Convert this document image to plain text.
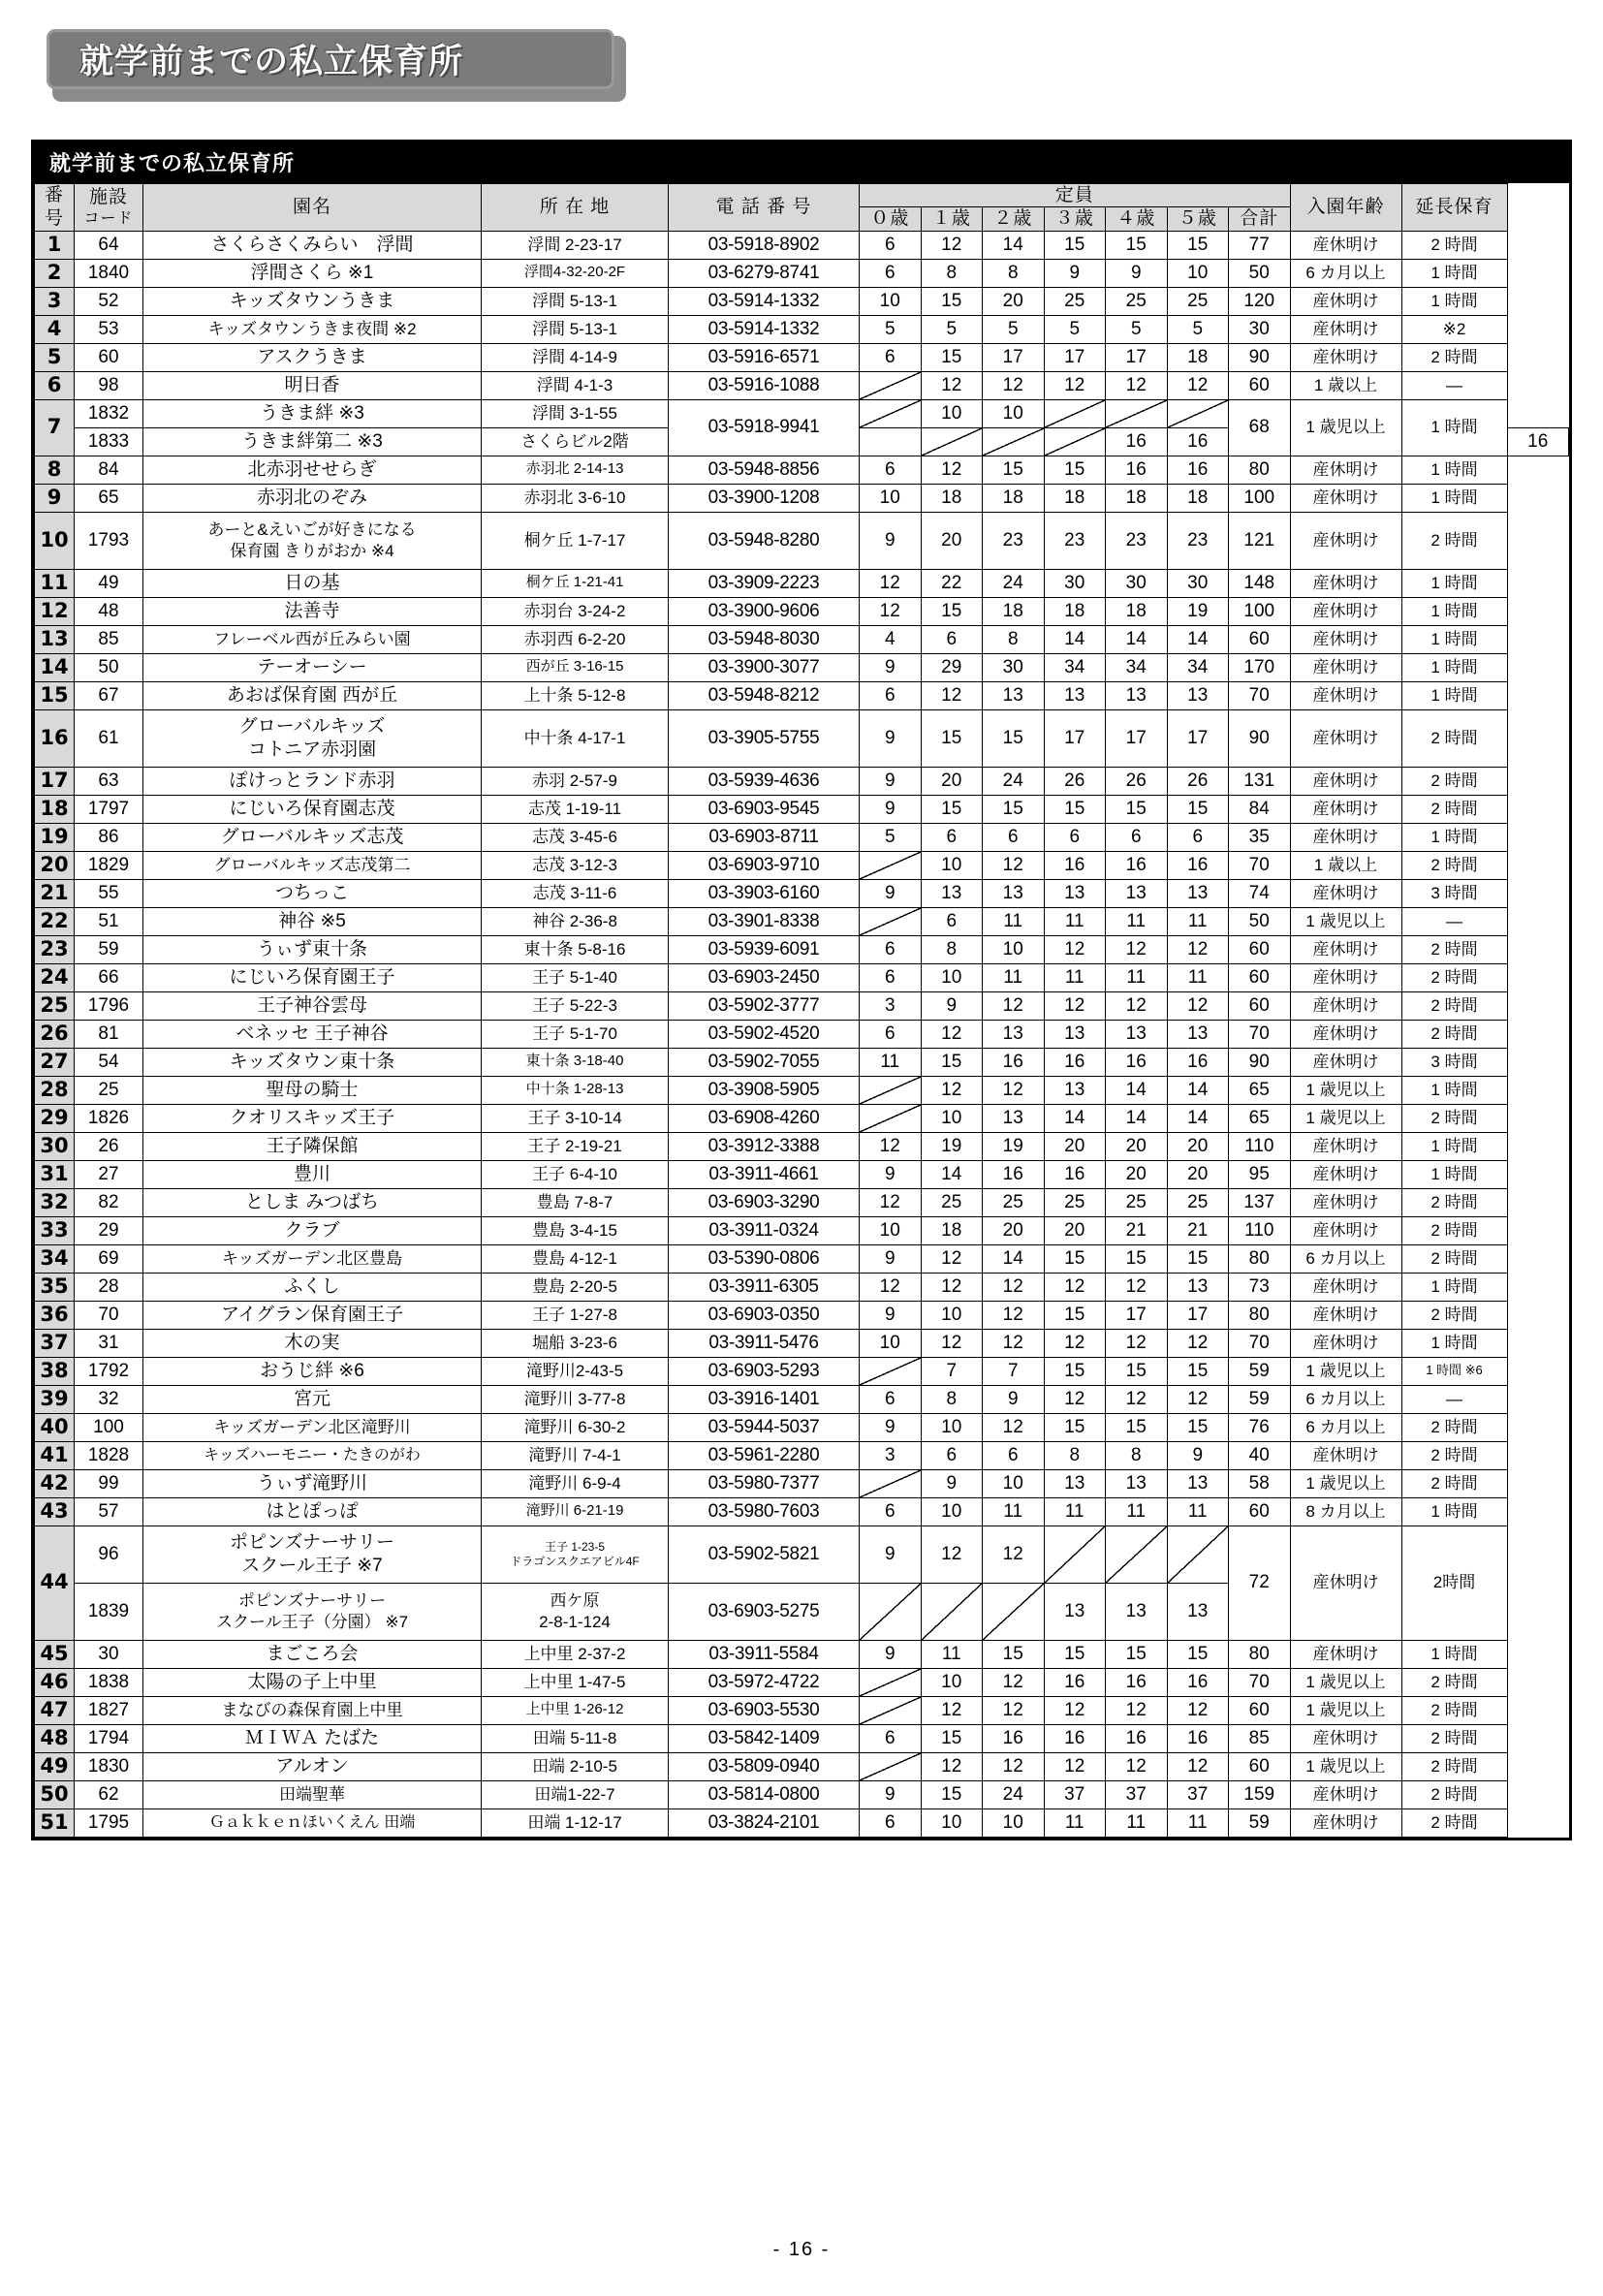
就学前までの私立保育所
就学前までの私立保育所
番
号	施設
コード	園名	所 在 地	電 話 番 号	定員							入園年齢	延長保育	
					０歳	１歳	２歳	３歳	４歳	５歳	合計			
1	64	さくらさくみらい　浮間	浮間 2-23-17	03-5918-8902	6	12	14	15	15	15	77	産休明け	2 時間	
2	1840	浮間さくら ※1	浮間4-32-20-2F	03-6279-8741	6	8	8	9	9	10	50	6 カ月以上	1 時間	
3	52	キッズタウンうきま	浮間 5-13-1	03-5914-1332	10	15	20	25	25	25	120	産休明け	1 時間	
4	53	キッズタウンうきま夜間 ※2	浮間 5-13-1	03-5914-1332	5	5	5	5	5	5	30	産休明け	※2	
5	60	アスクうきま	浮間 4-14-9	03-5916-6571	6	15	17	17	17	18	90	産休明け	2 時間	
6	98	明日香	浮間 4-1-3	03-5916-1088		12	12	12	12	12	60	1 歳以上	—	
7	1832	うきま絆 ※3	浮間 3-1-55	03-5918-9941		10	10				68	1 歳児以上	1 時間	
	1833	うきま絆第二 ※3	さくらビル2階						16	16				16
8	84	北赤羽せせらぎ	赤羽北 2-14-13	03-5948-8856	6	12	15	15	16	16	80	産休明け	1 時間	
9	65	赤羽北のぞみ	赤羽北 3-6-10	03-3900-1208	10	18	18	18	18	18	100	産休明け	1 時間	
10	1793	あーと&えいごが好きになる
保育園 きりがおか ※4	桐ケ丘 1-7-17	03-5948-8280	9	20	23	23	23	23	121	産休明け	2 時間	
11	49	日の基	桐ケ丘 1-21-41	03-3909-2223	12	22	24	30	30	30	148	産休明け	1 時間	
12	48	法善寺	赤羽台 3-24-2	03-3900-9606	12	15	18	18	18	19	100	産休明け	1 時間	
13	85	フレーベル西が丘みらい園	赤羽西 6-2-20	03-5948-8030	4	6	8	14	14	14	60	産休明け	1 時間	
14	50	テーオーシー	西が丘 3-16-15	03-3900-3077	9	29	30	34	34	34	170	産休明け	1 時間	
15	67	あおば保育園 西が丘	上十条 5-12-8	03-5948-8212	6	12	13	13	13	13	70	産休明け	1 時間	
16	61	グローバルキッズ
コトニア赤羽園	中十条 4-17-1	03-3905-5755	9	15	15	17	17	17	90	産休明け	2 時間	
17	63	ぽけっとランド赤羽	赤羽 2-57-9	03-5939-4636	9	20	24	26	26	26	131	産休明け	2 時間	
18	1797	にじいろ保育園志茂	志茂 1-19-11	03-6903-9545	9	15	15	15	15	15	84	産休明け	2 時間	
19	86	グローバルキッズ志茂	志茂 3-45-6	03-6903-8711	5	6	6	6	6	6	35	産休明け	1 時間	
20	1829	グローバルキッズ志茂第二	志茂 3-12-3	03-6903-9710		10	12	16	16	16	70	1 歳以上	2 時間	
21	55	つちっこ	志茂 3-11-6	03-3903-6160	9	13	13	13	13	13	74	産休明け	3 時間	
22	51	神谷 ※5	神谷 2-36-8	03-3901-8338		6	11	11	11	11	50	1 歳児以上	—	
23	59	うぃず東十条	東十条 5-8-16	03-5939-6091	6	8	10	12	12	12	60	産休明け	2 時間	
24	66	にじいろ保育園王子	王子 5-1-40	03-6903-2450	6	10	11	11	11	11	60	産休明け	2 時間	
25	1796	王子神谷雲母	王子 5-22-3	03-5902-3777	3	9	12	12	12	12	60	産休明け	2 時間	
26	81	ベネッセ 王子神谷	王子 5-1-70	03-5902-4520	6	12	13	13	13	13	70	産休明け	2 時間	
27	54	キッズタウン東十条	東十条 3-18-40	03-5902-7055	11	15	16	16	16	16	90	産休明け	3 時間	
28	25	聖母の騎士	中十条 1-28-13	03-3908-5905		12	12	13	14	14	65	1 歳児以上	1 時間	
29	1826	クオリスキッズ王子	王子 3-10-14	03-6908-4260		10	13	14	14	14	65	1 歳児以上	2 時間	
30	26	王子隣保館	王子 2-19-21	03-3912-3388	12	19	19	20	20	20	110	産休明け	1 時間	
31	27	豊川	王子 6-4-10	03-3911-4661	9	14	16	16	20	20	95	産休明け	1 時間	
32	82	としま みつばち	豊島 7-8-7	03-6903-3290	12	25	25	25	25	25	137	産休明け	2 時間	
33	29	クラブ	豊島 3-4-15	03-3911-0324	10	18	20	20	21	21	110	産休明け	2 時間	
34	69	キッズガーデン北区豊島	豊島 4-12-1	03-5390-0806	9	12	14	15	15	15	80	6 カ月以上	2 時間	
35	28	ふくし	豊島 2-20-5	03-3911-6305	12	12	12	12	12	13	73	産休明け	1 時間	
36	70	アイグラン保育園王子	王子 1-27-8	03-6903-0350	9	10	12	15	17	17	80	産休明け	2 時間	
37	31	木の実	堀船 3-23-6	03-3911-5476	10	12	12	12	12	12	70	産休明け	1 時間	
38	1792	おうじ絆 ※6	滝野川2-43-5	03-6903-5293		7	7	15	15	15	59	1 歳児以上	1 時間 ※6	
39	32	宮元	滝野川 3-77-8	03-3916-1401	6	8	9	12	12	12	59	6 カ月以上	—	
40	100	キッズガーデン北区滝野川	滝野川 6-30-2	03-5944-5037	9	10	12	15	15	15	76	6 カ月以上	2 時間	
41	1828	キッズハーモニー・たきのがわ	滝野川 7-4-1	03-5961-2280	3	6	6	8	8	9	40	産休明け	2 時間	
42	99	うぃず滝野川	滝野川 6-9-4	03-5980-7377		9	10	13	13	13	58	1 歳児以上	2 時間	
43	57	はとぽっぽ	滝野川 6-21-19	03-5980-7603	6	10	11	11	11	11	60	8 カ月以上	1 時間	
44	96	ポピンズナーサリー
スクール王子 ※7	王子 1-23-5
ドラゴンスクエアビル4F	03-5902-5821	9	12	12				72	産休明け	2時間	
	1839	ポピンズナーサリー
スクール王子（分園） ※7	西ケ原
2-8-1-124	03-6903-5275				13	13	13				
45	30	まごころ会	上中里 2-37-2	03-3911-5584	9	11	15	15	15	15	80	産休明け	1 時間	
46	1838	太陽の子上中里	上中里 1-47-5	03-5972-4722		10	12	16	16	16	70	1 歳児以上	2 時間	
47	1827	まなびの森保育園上中里	上中里 1-26-12	03-6903-5530		12	12	12	12	12	60	1 歳児以上	2 時間	
48	1794	ＭＩＷＡ たばた	田端 5-11-8	03-5842-1409	6	15	16	16	16	16	85	産休明け	2 時間	
49	1830	アルオン	田端 2-10-5	03-5809-0940		12	12	12	12	12	60	1 歳児以上	2 時間	
50	62	田端聖華	田端1-22-7	03-5814-0800	9	15	24	37	37	37	159	産休明け	2 時間	
51	1795	Ｇａｋｋｅｎほいくえん 田端	田端 1-12-17	03-3824-2101	6	10	10	11	11	11	59	産休明け	2 時間	
- 16 -
